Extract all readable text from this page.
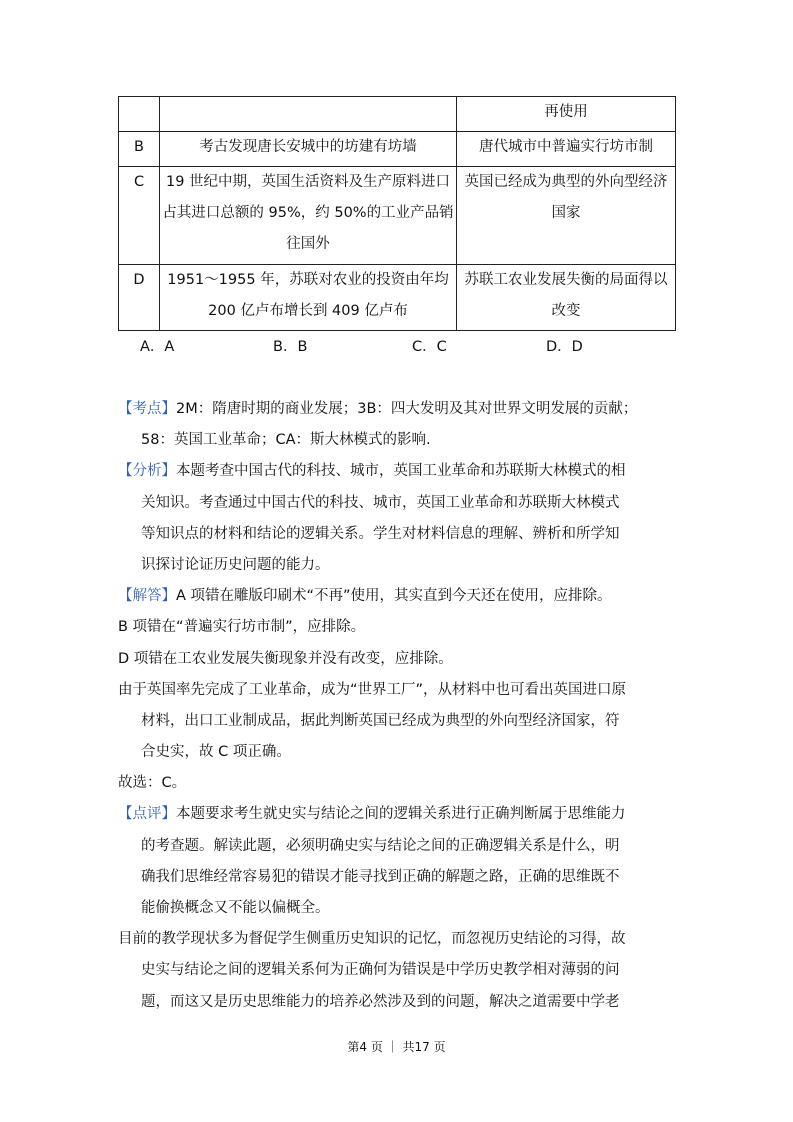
		再使用
B	考古发现唐长安城中的坊建有坊墙	唐代城市中普遍实行坊市制
C	19 世纪中期，英国生活资料及生产原料进口占其进口总额的 95%，约 50%的工业产品销往国外	英国已经成为典型的外向型经济国家
D	1951～1955 年，苏联对农业的投资由年均 200 亿卢布增长到 409 亿卢布	苏联工农业发展失衡的局面得以改变
A．A	B．B	C．C	D．D
【考点】2M：隋唐时期的商业发展；3B：四大发明及其对世界文明发展的贡献；
58：英国工业革命；CA：斯大林模式的影响.
【分析】本题考查中国古代的科技、城市，英国工业革命和苏联斯大林模式的相
关知识。考查通过中国古代的科技、城市，英国工业革命和苏联斯大林模式
等知识点的材料和结论的逻辑关系。学生对材料信息的理解、辨析和所学知
识探讨论证历史问题的能力。
【解答】A 项错在雕版印刷术“不再”使用，其实直到今天还在使用，应排除。
B 项错在“普遍实行坊市制”，应排除。
D 项错在工农业发展失衡现象并没有改变，应排除。
由于英国率先完成了工业革命，成为“世界工厂”，从材料中也可看出英国进口原
材料，出口工业制成品，据此判断英国已经成为典型的外向型经济国家，符
合史实，故 C 项正确。
故选：C。
【点评】本题要求考生就史实与结论之间的逻辑关系进行正确判断属于思维能力
的考查题。解读此题，必须明确史实与结论之间的正确逻辑关系是什么，明
确我们思维经常容易犯的错误才能寻找到正确的解题之路，正确的思维既不
能偷换概念又不能以偏概全。
目前的教学现状多为督促学生侧重历史知识的记忆，而忽视历史结论的习得，故
史实与结论之间的逻辑关系何为正确何为错误是中学历史教学相对薄弱的问
题，而这又是历史思维能力的培养必然涉及到的问题，解决之道需要中学老
第4 页 ｜ 共17 页
